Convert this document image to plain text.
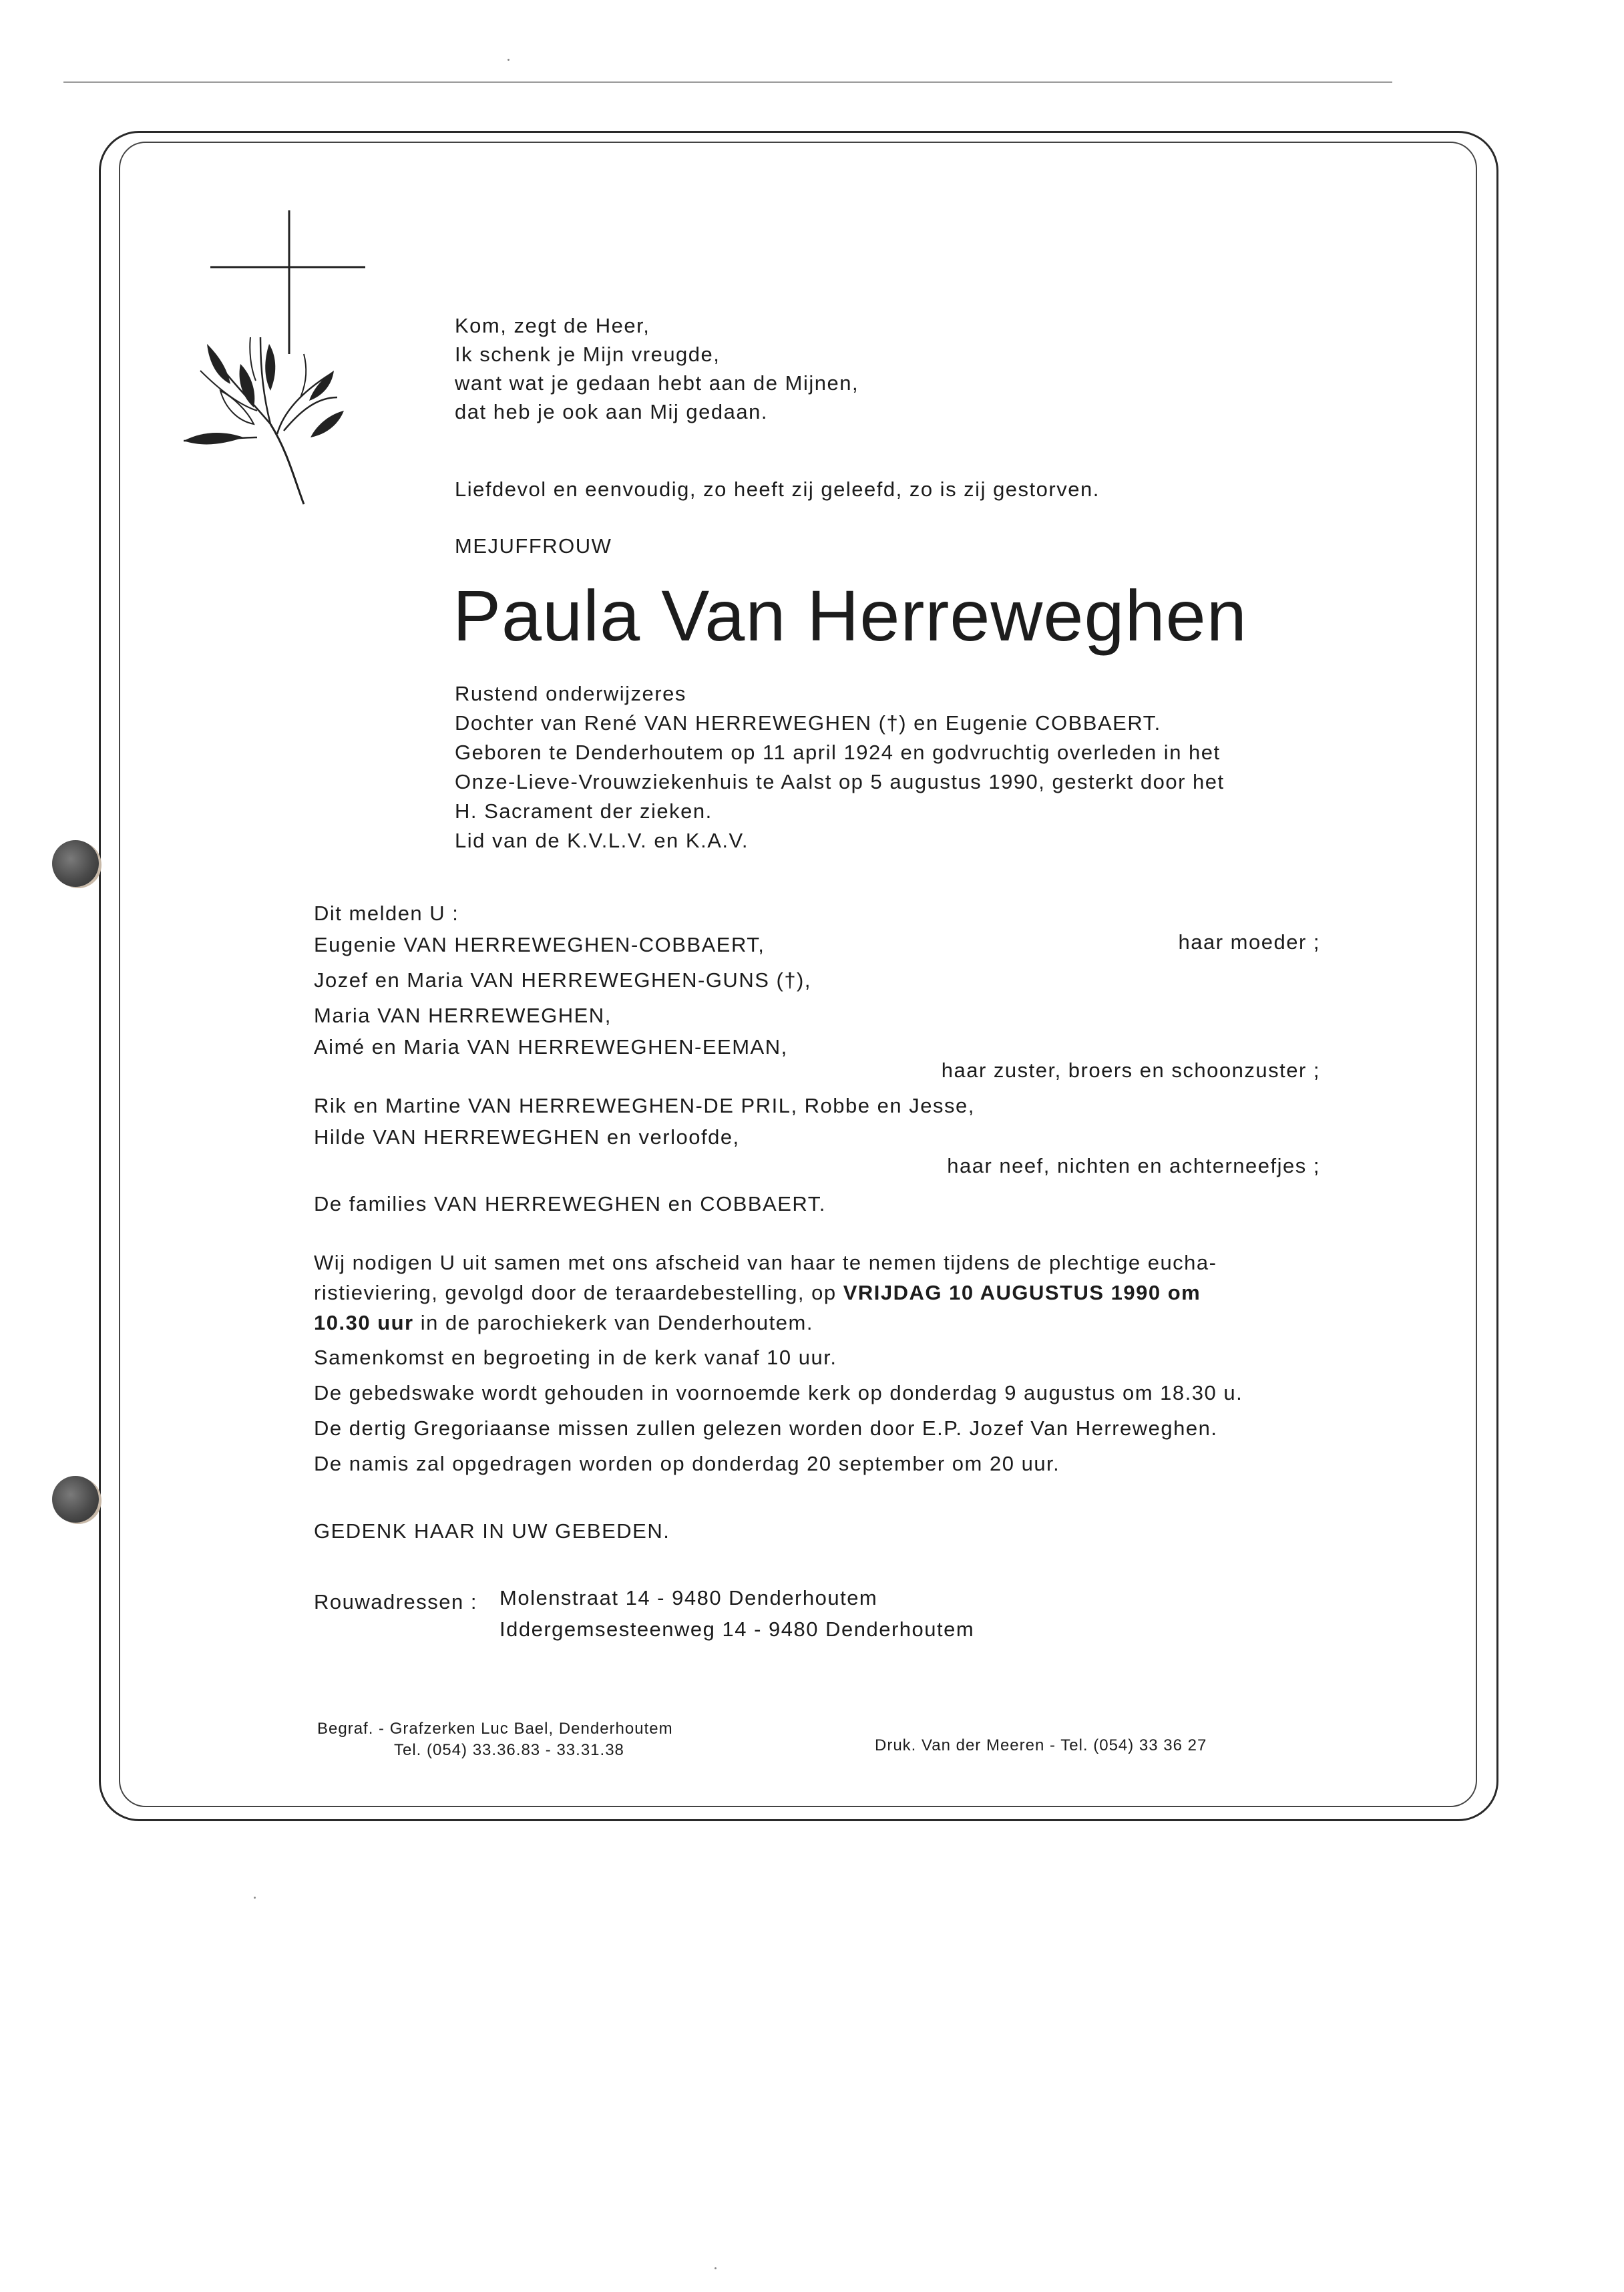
Kom, zegt de Heer,
Ik schenk je Mijn vreugde,
want wat je gedaan hebt aan de Mijnen,
dat heb je ook aan Mij gedaan.
Liefdevol en eenvoudig, zo heeft zij geleefd, zo is zij gestorven.
MEJUFFROUW
Paula Van Herreweghen
Rustend onderwijzeres
Dochter van René VAN HERREWEGHEN (†) en Eugenie COBBAERT.
Geboren te Denderhoutem op 11 april 1924 en godvruchtig overleden in het
Onze-Lieve-Vrouwziekenhuis te Aalst op 5 augustus 1990, gesterkt door het
H. Sacrament der zieken.
Lid van de K.V.L.V. en K.A.V.
Dit melden U :
Eugenie VAN HERREWEGHEN-COBBAERT,
Jozef en Maria VAN HERREWEGHEN-GUNS (†),
Maria VAN HERREWEGHEN,
Aimé en Maria VAN HERREWEGHEN-EEMAN,
Rik en Martine VAN HERREWEGHEN-DE PRIL, Robbe en Jesse,
Hilde VAN HERREWEGHEN en verloofde,
De families VAN HERREWEGHEN en COBBAERT.
haar moeder ;
haar zuster, broers en schoonzuster ;
haar neef, nichten en achterneefjes ;
Wij nodigen U uit samen met ons afscheid van haar te nemen tijdens de plechtige eucha-
ristieviering, gevolgd door de teraardebestelling, op VRIJDAG 10 AUGUSTUS 1990 om
10.30 uur in de parochiekerk van Denderhoutem.
Samenkomst en begroeting in de kerk vanaf 10 uur.
De gebedswake wordt gehouden in voornoemde kerk op donderdag 9 augustus om 18.30 u.
De dertig Gregoriaanse missen zullen gelezen worden door E.P. Jozef Van Herreweghen.
De namis zal opgedragen worden op donderdag 20 september om 20 uur.
GEDENK HAAR IN UW GEBEDEN.
Rouwadressen : Molenstraat 14 - 9480 Denderhoutem
Iddergemsesteenweg 14 - 9480 Denderhoutem
Begraf. - Grafzerken Luc Bael, Denderhoutem
Tel. (054) 33.36.83 - 33.31.38	Druk. Van der Meeren - Tel. (054) 33 36 27
